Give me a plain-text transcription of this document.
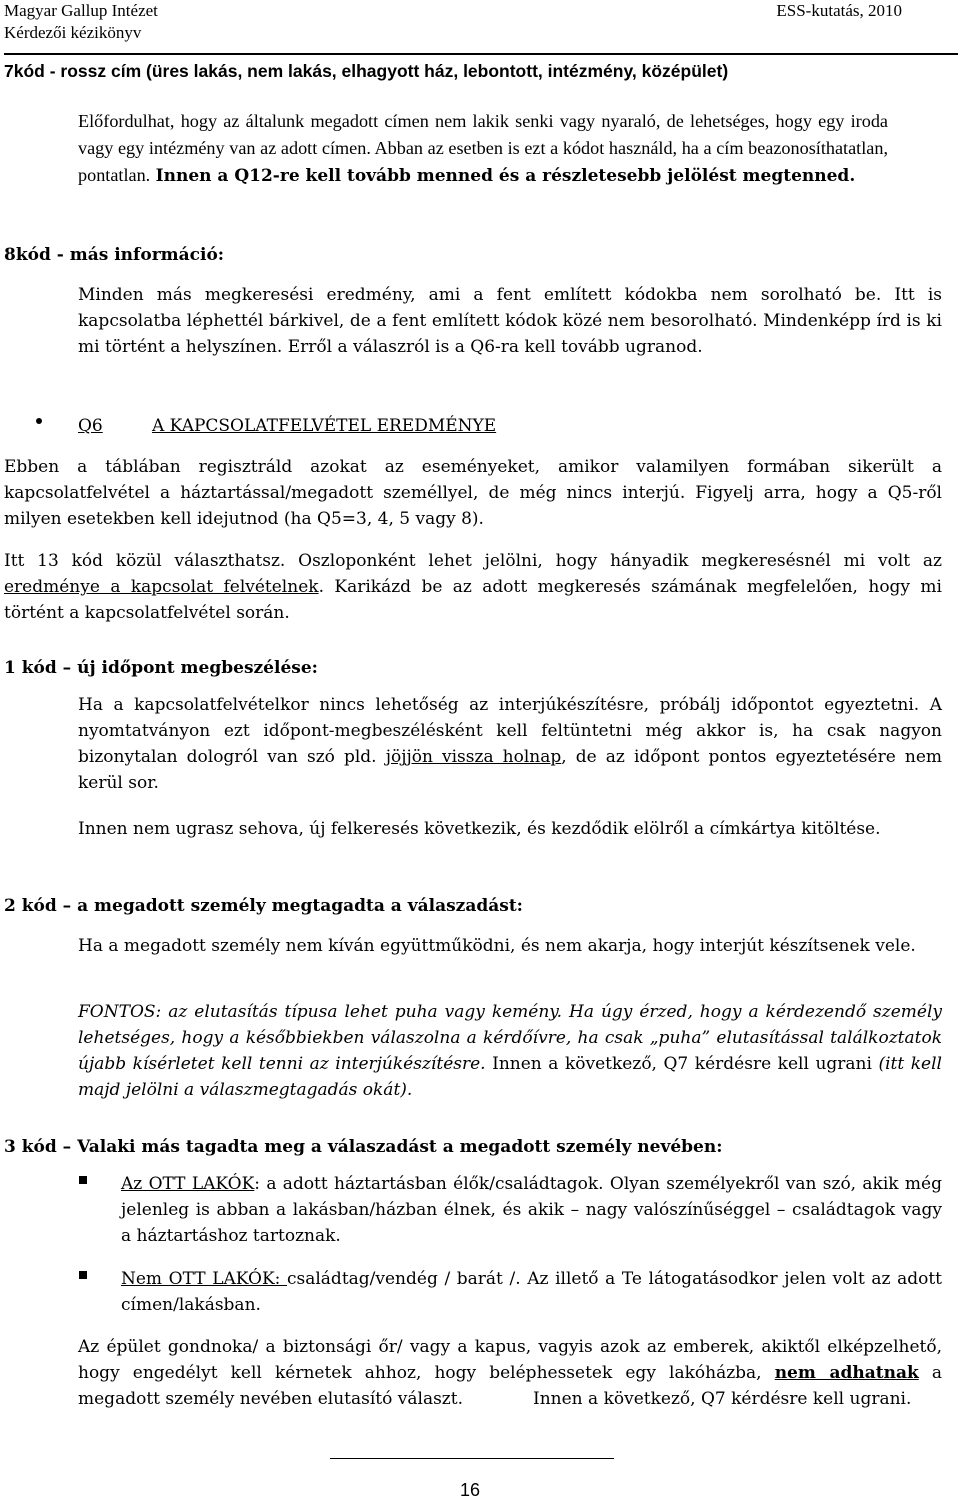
Magyar Gallup Intézet	ESS-kutatás, 2010
Kérdezői kézikönyv
7kód - rossz cím (üres lakás, nem lakás, elhagyott ház, lebontott, intézmény, középület)
Előfordulhat, hogy az általunk megadott címen nem lakik senki vagy nyaraló, de lehetséges, hogy egy iroda vagy egy intézmény van az adott címen. Abban az esetben is ezt a kódot használd, ha a cím beazonosíthatatlan, pontatlan. Innen a Q12-re kell tovább menned és a részletesebb jelölést megtenned.
8kód - más információ:
Minden más megkeresési eredmény, ami a fent említett kódokba nem sorolható be. Itt is kapcsolatba léphettél bárkivel, de a fent említett kódok közé nem besorolható. Mindenképp írd is ki mi történt a helyszínen. Erről a válaszról is a Q6-ra kell tovább ugranod.
Q6	A KAPCSOLATFELVÉTEL EREDMÉNYE
Ebben a táblában regisztráld azokat az eseményeket, amikor valamilyen formában sikerült a kapcsolatfelvétel a háztartással/megadott személlyel, de még nincs interjú. Figyelj arra, hogy a Q5-ről milyen esetekben kell idejutnod (ha Q5=3, 4, 5 vagy 8).
Itt 13 kód közül választhatsz. Oszloponként lehet jelölni, hogy hányadik megkeresésnél mi volt az eredménye a kapcsolat felvételnek. Karikázd be az adott megkeresés számának megfelelően, hogy mi történt a kapcsolatfelvétel során.
1 kód – új időpont megbeszélése:
Ha a kapcsolatfelvételkor nincs lehetőség az interjúkészítésre, próbálj időpontot egyeztetni. A nyomtatványon ezt időpont-megbeszélésként kell feltüntetni még akkor is, ha csak nagyon bizonytalan dologról van szó pld. jöjjön vissza holnap, de az időpont pontos egyeztetésére nem kerül sor.
Innen nem ugrasz sehova, új felkeresés következik, és kezdődik elölről a címkártya kitöltése.
2 kód – a megadott személy megtagadta a válaszadást:
Ha a megadott személy nem kíván együttműködni, és nem akarja, hogy interjút készítsenek vele.
FONTOS: az elutasítás típusa lehet puha vagy kemény. Ha úgy érzed, hogy a kérdezendő személy lehetséges, hogy a későbbiekben válaszolna a kérdőívre, ha csak „puha” elutasítással találkoztatok újabb kísérletet kell tenni az interjúkészítésre. Innen a következő, Q7 kérdésre kell ugrani (itt kell majd jelölni a válaszmegtagadás okát).
3 kód – Valaki más tagadta meg a válaszadást a megadott személy nevében:
Az OTT LAKÓK: a adott háztartásban élők/családtagok. Olyan személyekről van szó, akik még jelenleg is abban a lakásban/házban élnek, és akik – nagy valószínűséggel – családtagok vagy a háztartáshoz tartoznak.
Nem OTT LAKÓK: családtag/vendég / barát /. Az illető a Te látogatásodkor jelen volt az adott címen/lakásban.
Az épület gondnoka/ a biztonsági őr/ vagy a kapus, vagyis azok az emberek, akiktől elképzelhető, hogy engedélyt kell kérnetek ahhoz, hogy beléphessetek egy lakóházba, nem adhatnak a megadott személy nevében elutasító választ.	Innen a következő, Q7 kérdésre kell ugrani.
16
